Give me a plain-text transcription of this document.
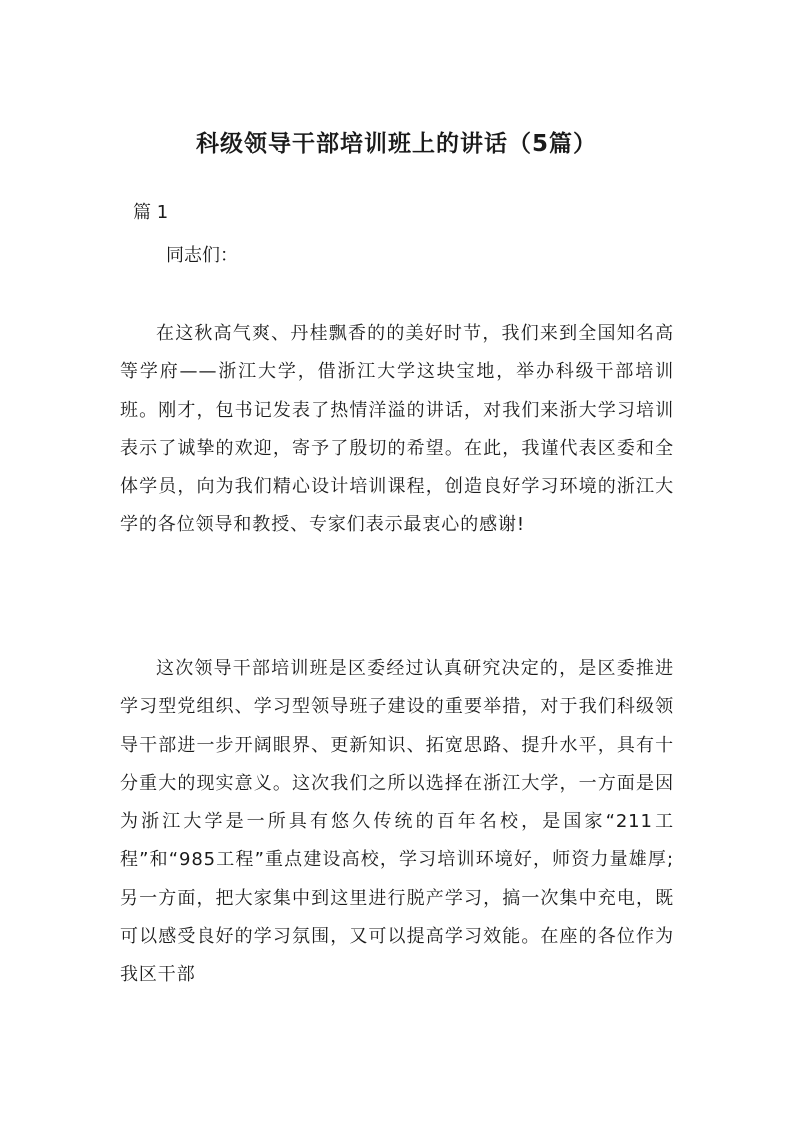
科级领导干部培训班上的讲话（5篇）
篇 1
同志们：

在这秋高气爽、丹桂飘香的的美好时节，我们来到全国知名高等学府——浙江大学，借浙江大学这块宝地，举办科级干部培训班。刚才，包书记发表了热情洋溢的讲话，对我们来浙大学习培训表示了诚挚的欢迎，寄予了殷切的希望。在此，我谨代表区委和全体学员，向为我们精心设计培训课程，创造良好学习环境的浙江大学的各位领导和教授、专家们表示最衷心的感谢!

这次领导干部培训班是区委经过认真研究决定的，是区委推进学习型党组织、学习型领导班子建设的重要举措，对于我们科级领导干部进一步开阔眼界、更新知识、拓宽思路、提升水平，具有十分重大的现实意义。这次我们之所以选择在浙江大学，一方面是因为浙江大学是一所具有悠久传统的百年名校，是国家“211工程”和“985工程”重点建设高校，学习培训环境好，师资力量雄厚;另一方面，把大家集中到这里进行脱产学习，搞一次集中充电，既可以感受良好的学习氛围，又可以提高学习效能。在座的各位作为我区干部
